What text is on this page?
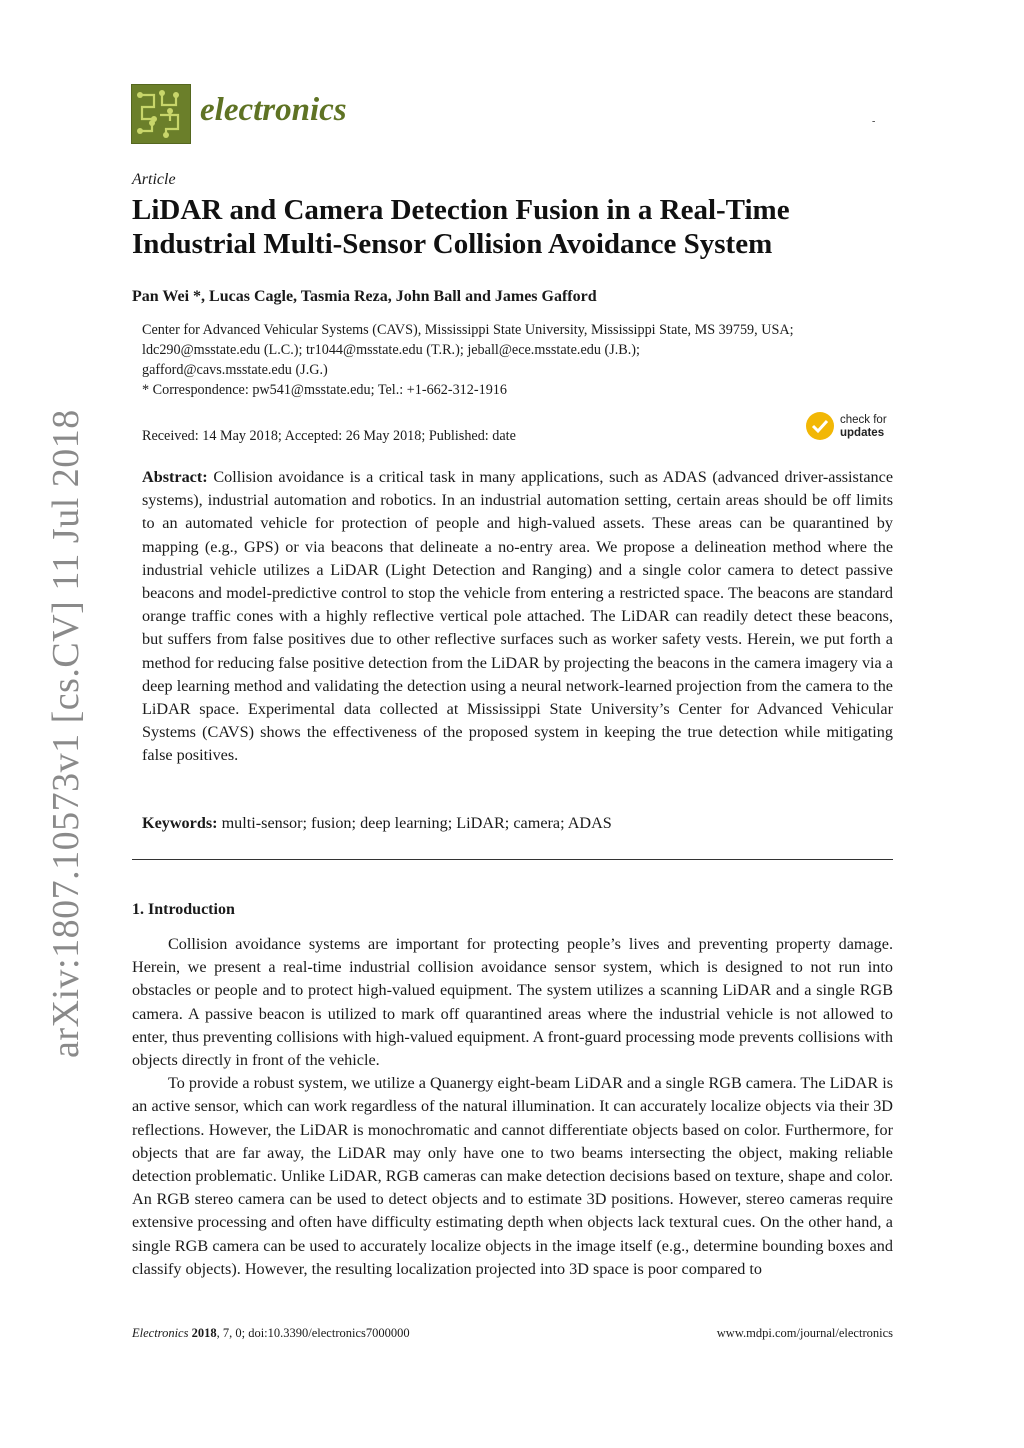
electronics	-
Article
LiDAR and Camera Detection Fusion in a Real-Time Industrial Multi-Sensor Collision Avoidance System
Pan Wei *, Lucas Cagle, Tasmia Reza, John Ball and James Gafford
Center for Advanced Vehicular Systems (CAVS), Mississippi State University, Mississippi State, MS 39759, USA;
ldc290@msstate.edu (L.C.); tr1044@msstate.edu (T.R.); jeball@ece.msstate.edu (J.B.);
gafford@cavs.msstate.edu (J.G.)
* Correspondence: pw541@msstate.edu; Tel.: +1-662-312-1916
Received: 14 May 2018; Accepted: 26 May 2018; Published: date
check for
updates
Abstract: Collision avoidance is a critical task in many applications, such as ADAS (advanced driver-assistance systems), industrial automation and robotics. In an industrial automation setting, certain areas should be off limits to an automated vehicle for protection of people and high-valued assets. These areas can be quarantined by mapping (e.g., GPS) or via beacons that delineate a no-entry area. We propose a delineation method where the industrial vehicle utilizes a LiDAR (Light Detection and Ranging) and a single color camera to detect passive beacons and model-predictive control to stop the vehicle from entering a restricted space. The beacons are standard orange traffic cones with a highly reflective vertical pole attached. The LiDAR can readily detect these beacons, but suffers from false positives due to other reflective surfaces such as worker safety vests. Herein, we put forth a method for reducing false positive detection from the LiDAR by projecting the beacons in the camera imagery via a deep learning method and validating the detection using a neural network-learned projection from the camera to the LiDAR space. Experimental data collected at Mississippi State University’s Center for Advanced Vehicular Systems (CAVS) shows the effectiveness of the proposed system in keeping the true detection while mitigating false positives.
Keywords: multi-sensor; fusion; deep learning; LiDAR; camera; ADAS
1. Introduction

Collision avoidance systems are important for protecting people’s lives and preventing property damage. Herein, we present a real-time industrial collision avoidance sensor system, which is designed to not run into obstacles or people and to protect high-valued equipment. The system utilizes a scanning LiDAR and a single RGB camera. A passive beacon is utilized to mark off quarantined areas where the industrial vehicle is not allowed to enter, thus preventing collisions with high-valued equipment. A front-guard processing mode prevents collisions with objects directly in front of the vehicle.

To provide a robust system, we utilize a Quanergy eight-beam LiDAR and a single RGB camera. The LiDAR is an active sensor, which can work regardless of the natural illumination. It can accurately localize objects via their 3D reflections. However, the LiDAR is monochromatic and cannot differentiate objects based on color. Furthermore, for objects that are far away, the LiDAR may only have one to two beams intersecting the object, making reliable detection problematic. Unlike LiDAR, RGB cameras can make detection decisions based on texture, shape and color. An RGB stereo camera can be used to detect objects and to estimate 3D positions. However, stereo cameras require extensive processing and often have difficulty estimating depth when objects lack textural cues. On the other hand, a single RGB camera can be used to accurately localize objects in the image itself (e.g., determine bounding boxes and classify objects). However, the resulting localization projected into 3D space is poor compared to

Electronics 2018, 7, 0; doi:10.3390/electronics7000000	www.mdpi.com/journal/electronics
arXiv:1807.10573v1 [cs.CV] 11 Jul 2018
